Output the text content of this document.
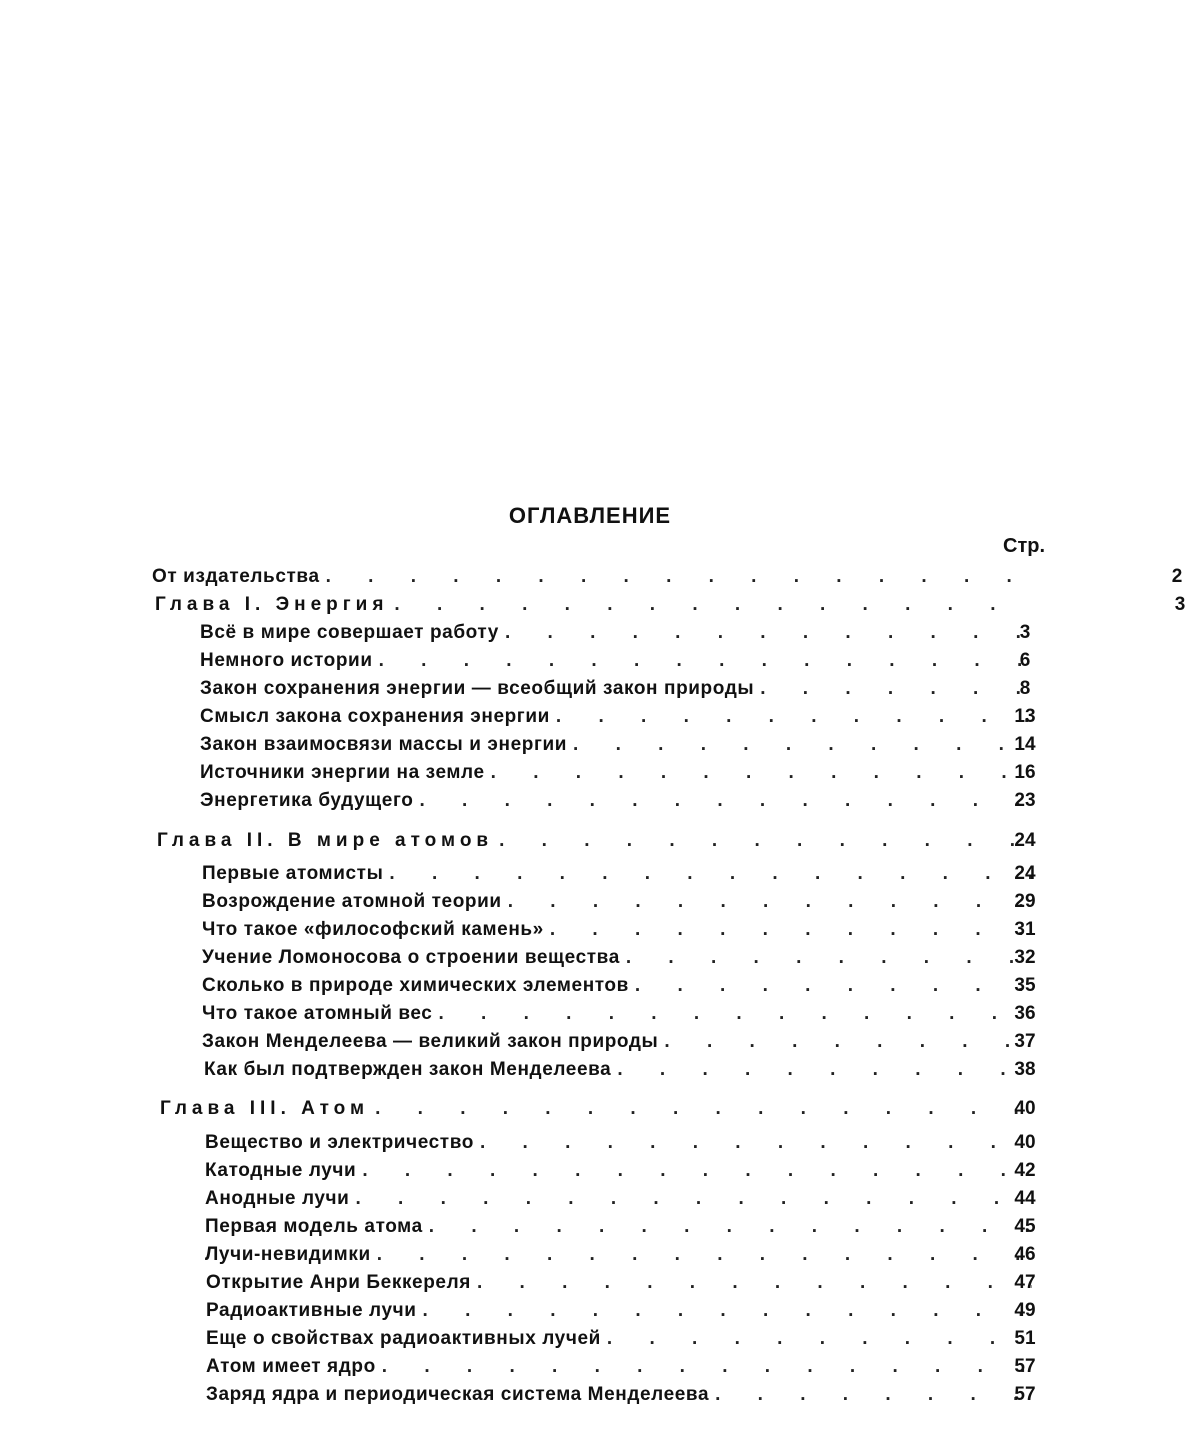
ОГЛАВЛЕНИЕ
Стр.
От издательства . . .	2
Глава I. Энергия . . .	3
Всё в мире совершает работу . . .	3
Немного истории . . .	6
Закон сохранения энергии — всеобщий закон природы . . .	8
Смысл закона сохранения энергии . . .	13
Закон взаимосвязи массы и энергии . . .	14
Источники энергии на земле . . .	16
Энергетика будущего . . .	23
Глава II. В мире атомов . . .	24
Первые атомисты . . .	24
Возрождение атомной теории . . .	29
Что такое «философский камень» . . .	31
Учение Ломоносова о строении вещества . . .	32
Сколько в природе химических элементов . . .	35
Что такое атомный вес . . .	36
Закон Менделеева — великий закон природы . . .	37
Как был подтвержден закон Менделеева . . .	38
Глава III. Атом . . .	40
Вещество и электричество . . .	40
Катодные лучи . . .	42
Анодные лучи . . .	44
Первая модель атома . . .	45
Лучи-невидимки . . .	46
Открытие Анри Беккереля . . .	47
Радиоактивные лучи . . .	49
Еще о свойствах радиоактивных лучей . . .	51
Атом имеет ядро . . .	57
Заряд ядра и периодическая система Менделеева . . .	57
